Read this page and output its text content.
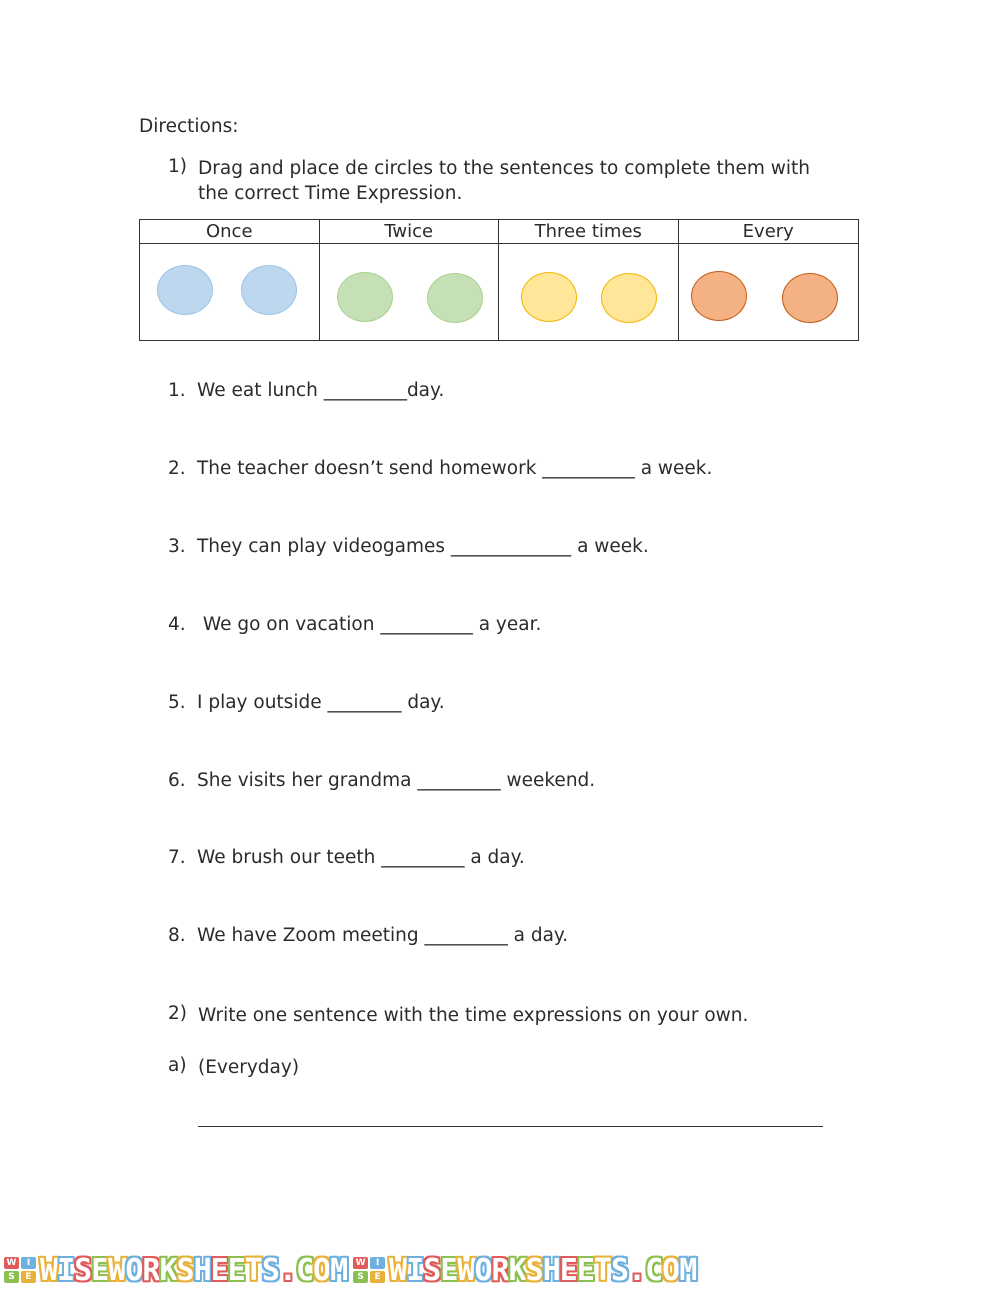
Directions:
1) Drag and place de circles to the sentences to complete them with
the correct Time Expression.
Once	Twice	Three times	Every
1. We eat lunch _________day.
2. The teacher doesn’t send homework __________ a week.
3. They can play videogames _____________ a week.
4. We go on vacation __________ a year.
5. I play outside ________ day.
6. She visits her grandma _________ weekend.
7. We brush our teeth _________ a day.
8. We have Zoom meeting _________ a day.
2) Write one sentence with the time expressions on your own.
a) (Everyday)
W	I
S	E WISEWORKSHEETS.COM W	I
S	E WISEWORKSHEETS.COM
